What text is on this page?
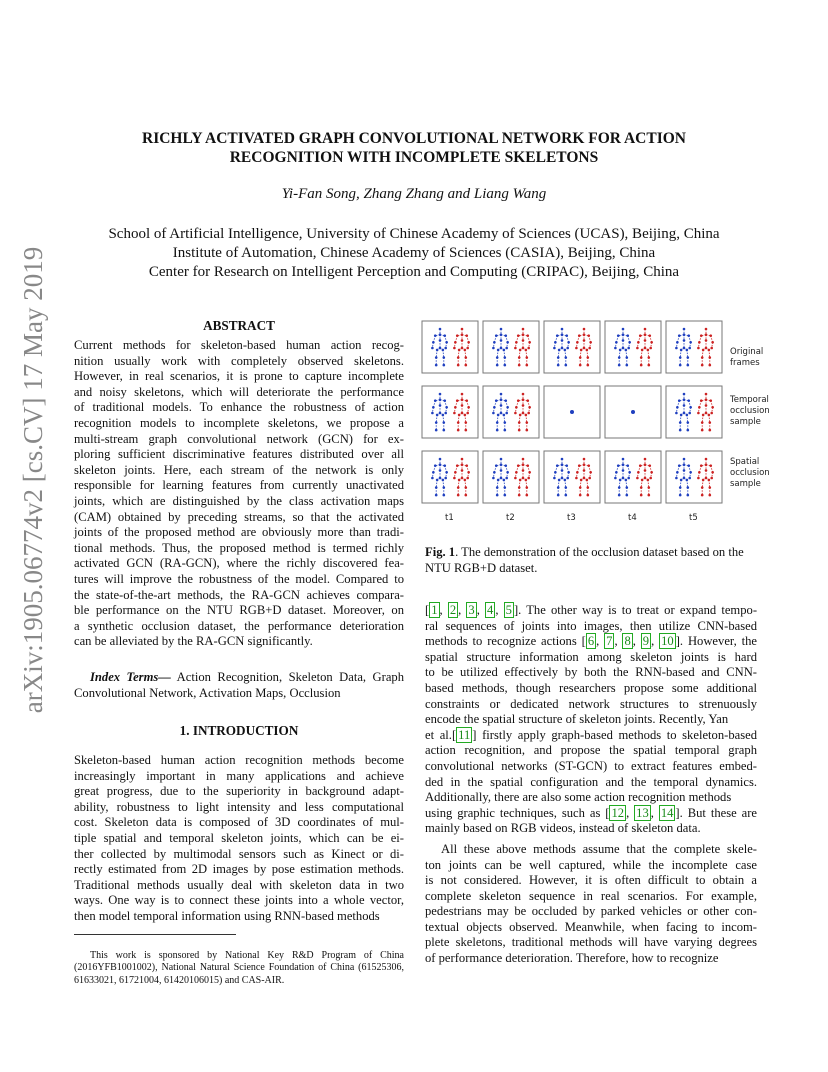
arXiv:1905.06774v2 [cs.CV] 17 May 2019
RICHLY ACTIVATED GRAPH CONVOLUTIONAL NETWORK FOR ACTION
RECOGNITION WITH INCOMPLETE SKELETONS
Yi-Fan Song, Zhang Zhang and Liang Wang
School of Artificial Intelligence, University of Chinese Academy of Sciences (UCAS), Beijing, China
Institute of Automation, Chinese Academy of Sciences (CASIA), Beijing, China
Center for Research on Intelligent Perception and Computing (CRIPAC), Beijing, China
ABSTRACT
Current methods for skeleton-based human action recog-
nition usually work with completely observed skeletons.
However, in real scenarios, it is prone to capture incomplete
and noisy skeletons, which will deteriorate the performance
of traditional models. To enhance the robustness of action
recognition models to incomplete skeletons, we propose a
multi-stream graph convolutional network (GCN) for ex-
ploring sufficient discriminative features distributed over all
skeleton joints. Here, each stream of the network is only
responsible for learning features from currently unactivated
joints, which are distinguished by the class activation maps
(CAM) obtained by preceding streams, so that the activated
joints of the proposed method are obviously more than tradi-
tional methods. Thus, the proposed method is termed richly
activated GCN (RA-GCN), where the richly discovered fea-
tures will improve the robustness of the model. Compared to
the state-of-the-art methods, the RA-GCN achieves compara-
ble performance on the NTU RGB+D dataset. Moreover, on
a synthetic occlusion dataset, the performance deterioration
can be alleviated by the RA-GCN significantly.

Index Terms— Action Recognition, Skeleton Data, Graph Convolutional Network, Activation Maps, Occlusion

1. INTRODUCTION
Skeleton-based human action recognition methods become
increasingly important in many applications and achieve
great progress, due to the superiority in background adapt-
ability, robustness to light intensity and less computational
cost. Skeleton data is composed of 3D coordinates of mul-
tiple spatial and temporal skeleton joints, which can be ei-
ther collected by multimodal sensors such as Kinect or di-
rectly estimated from 2D images by pose estimation methods.
Traditional methods usually deal with skeleton data in two
ways. One way is to connect these joints into a whole vector,
then model temporal information using RNN-based methods

This work is sponsored by National Key R&D Program of China (2016YFB1001002), National Natural Science Foundation of China (61525306, 61633021, 61721004, 61420106015) and CAS-AIR.

Original
frames
Temporal
occlusion
sample
Spatial
occlusion
sample
t1	t2	t3	t4	t5
Fig. 1. The demonstration of the occlusion dataset based on the NTU RGB+D dataset.
[ 1 , 2 , 3 , 4 , 5 ]. The other way is to treat or expand tempo-
ral sequences of joints into images, then utilize CNN-based
methods to recognize actions [ 6 , 7 , 8 , 9 , 10 ]. However, the
spatial structure information among skeleton joints is hard
to be utilized effectively by both the RNN-based and CNN-
based methods, though researchers propose some additional
constraints or dedicated network structures to strenuously
encode the spatial structure of skeleton joints. Recently, Yan
et al.[ 11 ] firstly apply graph-based methods to skeleton-based
action recognition, and propose the spatial temporal graph
convolutional networks (ST-GCN) to extract features embed-
ded in the spatial configuration and the temporal dynamics.
Additionally, there are also some action recognition methods
using graphic techniques, such as [ 12 , 13 , 14 ]. But these are
mainly based on RGB videos, instead of skeleton data.
All these above methods assume that the complete skele-
ton joints can be well captured, while the incomplete case
is not considered. However, it is often difficult to obtain a
complete skeleton sequence in real scenarios. For example,
pedestrians may be occluded by parked vehicles or other con-
textual objects observed. Meanwhile, when facing to incom-
plete skeletons, traditional methods will have varying degrees
of performance deterioration. Therefore, how to recognize
